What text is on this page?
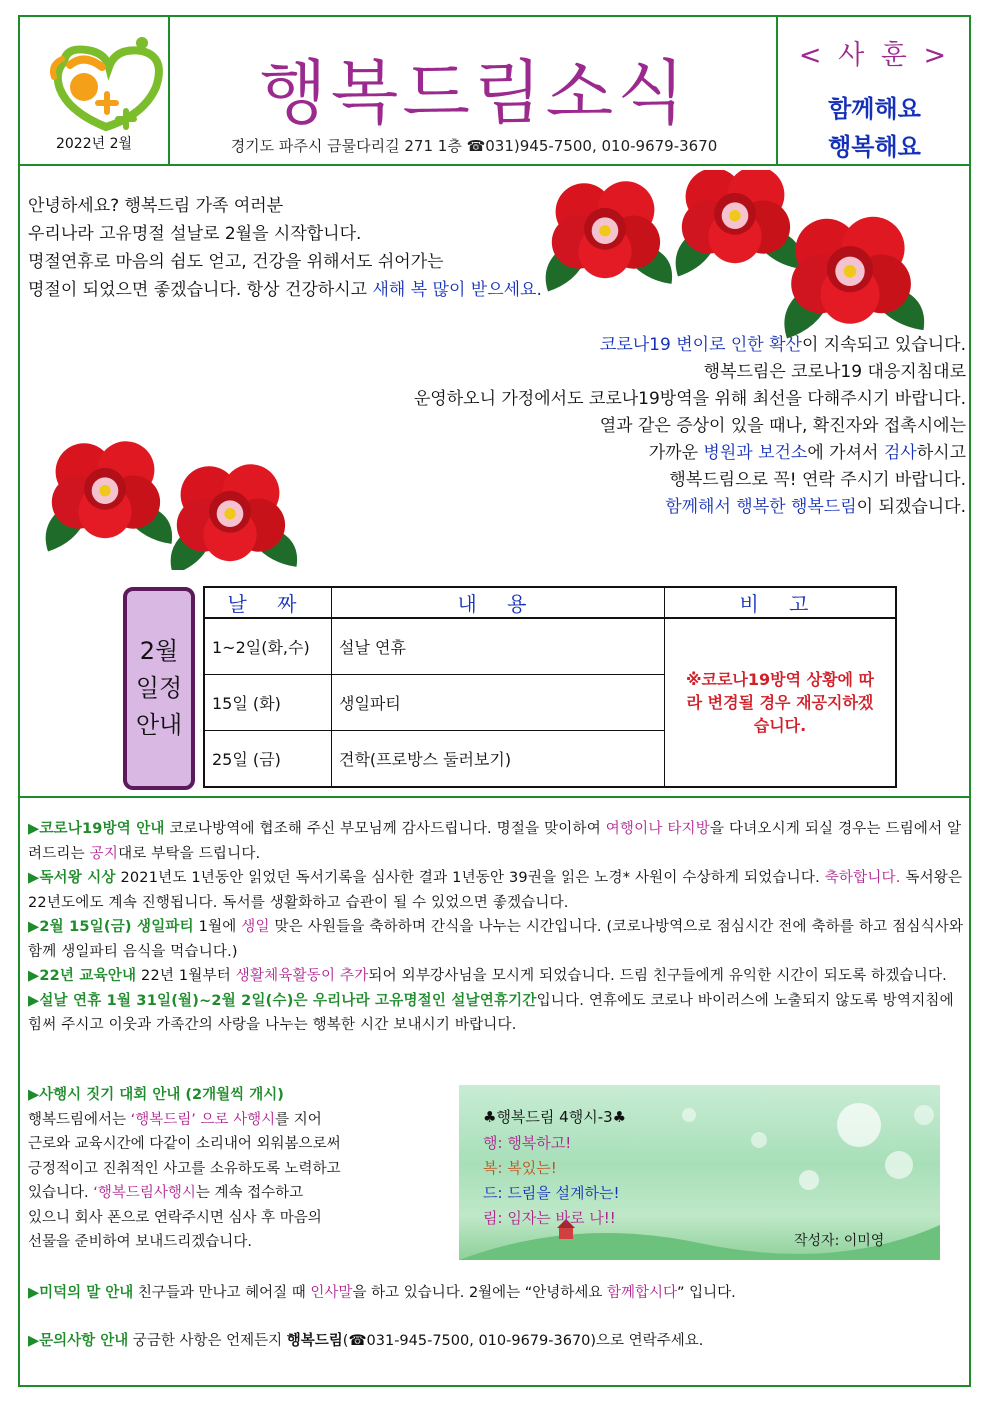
2022년 2월
행복드림소식
경기도 파주시 금물다리길 271 1층 ☎031)945-7500, 010-9679-3670
< 사 훈 >
함께해요
행복해요

안녕하세요? 행복드림 가족 여러분

우리나라 고유명절 설날로 2월을 시작합니다.

명절연휴로 마음의 쉼도 얻고, 건강을 위해서도 쉬어가는

명절이 되었으면 좋겠습니다. 항상 건강하시고 새해 복 많이 받으세요.

코로나19 변이로 인한 확산이 지속되고 있습니다.

행복드림은 코로나19 대응지침대로

운영하오니 가정에서도 코로나19방역을 위해 최선을 다해주시기 바랍니다.

열과 같은 증상이 있을 때나, 확진자와 접촉시에는

가까운 병원과 보건소에 가셔서 검사하시고

행복드림으로 꼭! 연락 주시기 바랍니다.

함께해서 행복한 행복드림이 되겠습니다.

2월 일정 안내
날 짜	내 용	비 고
1~2일(화,수)	설날 연휴	※코로나19방역 상황에 따라 변경될 경우 재공지하겠습니다.

15일 (화)	생일파티	
25일 (금)	견학(프로방스 둘러보기)	
▶코로나19방역 안내 코로나방역에 협조해 주신 부모님께 감사드립니다. 명절을 맞이하여 여행이나 타지방을 다녀오시게 되실 경우는 드림에서 알려드리는 공지대로 부탁을 드립니다.
▶독서왕 시상 2021년도 1년동안 읽었던 독서기록을 심사한 결과 1년동안 39권을 읽은 노경* 사원이 수상하게 되었습니다. 축하합니다. 독서왕은 22년도에도 계속 진행됩니다. 독서를 생활화하고 습관이 될 수 있었으면 좋겠습니다.
▶2월 15일(금) 생일파티 1월에 생일 맞은 사원들을 축하하며 간식을 나누는 시간입니다. (코로나방역으로 점심시간 전에 축하를 하고 점심식사와 함께 생일파티 음식을 먹습니다.)
▶22년 교육안내 22년 1월부터 생활체육활동이 추가되어 외부강사님을 모시게 되었습니다. 드림 친구들에게 유익한 시간이 되도록 하겠습니다.
▶설날 연휴 1월 31일(월)~2월 2일(수)은 우리나라 고유명절인 설날연휴기간입니다. 연휴에도 코로나 바이러스에 노출되지 않도록 방역지침에 힘써 주시고 이웃과 가족간의 사랑을 나누는 행복한 시간 보내시기 바랍니다.

▶사행시 짓기 대회 안내 (2개월씩 개시)

행복드림에서는 ‘행복드림’ 으로 사행시를 지어

근로와 교육시간에 다같이 소리내어 외워봄으로써

긍정적이고 진취적인 사고를 소유하도록 노력하고

있습니다. ‘행복드림사행시는 계속 접수하고

있으니 회사 폰으로 연락주시면 심사 후 마음의

선물을 준비하여 보내드리겠습니다.

♣행복드림 4행시-3♣
행: 행복하고!
복: 복있는!
드: 드림을 설계하는!
림: 임자는 바로 나!!
작성자: 이미영
▶미덕의 말 안내 친구들과 만나고 헤어질 때 인사말을 하고 있습니다. 2월에는 “안녕하세요 함께합시다” 입니다.
▶문의사항 안내 궁금한 사항은 언제든지 행복드림(☎031-945-7500, 010-9679-3670)으로 연락주세요.
